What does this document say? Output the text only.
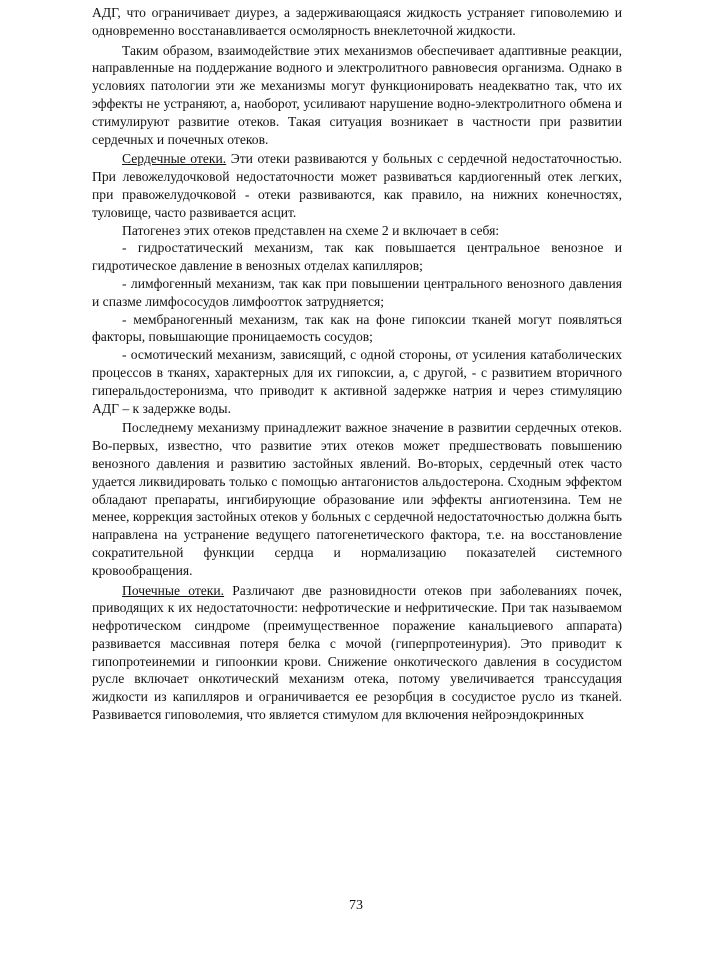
АДГ, что ограничивает диурез, а задерживающаяся жидкость устраняет гиповолемию и одновременно восстанавливается осмолярность внеклеточной жидкости.

Таким образом, взаимодействие этих механизмов обеспечивает адаптивные реакции, направленные на поддержание водного и электролитного равновесия организма. Однако в условиях патологии эти же механизмы могут функционировать неадекватно так, что их эффекты не устраняют, а, наоборот, усиливают нарушение водно-электролитного обмена и стимулируют развитие отеков. Такая ситуация возникает в частности при развитии сердечных и почечных отеков.

Сердечные отеки. Эти отеки развиваются у больных с сердечной недостаточностью. При левожелудочковой недостаточности может развиваться кардиогенный отек легких, при правожелудочковой - отеки развиваются, как правило, на нижних конечностях, туловище, часто развивается асцит.

Патогенез этих отеков представлен на схеме 2 и включает в себя:

- гидростатический механизм, так как повышается центральное венозное и гидротическое давление в венозных отделах капилляров;

- лимфогенный механизм, так как при повышении центрального венозного давления и спазме лимфососудов лимфоотток затрудняется;

- мембраногенный механизм, так как на фоне гипоксии тканей могут появляться факторы, повышающие проницаемость сосудов;

- осмотический механизм, зависящий, с одной стороны, от усиления катаболических процессов в тканях, характерных для их гипоксии, а, с другой, - с развитием вторичного гиперальдостеронизма, что приводит к активной задержке натрия и через стимуляцию АДГ – к задержке воды.

Последнему механизму принадлежит важное значение в развитии сердечных отеков. Во-первых, известно, что развитие этих отеков может предшествовать повышению венозного давления и развитию застойных явлений. Во-вторых, сердечный отек часто удается ликвидировать только с помощью антагонистов альдостерона. Сходным эффектом обладают препараты, ингибирующие образование или эффекты ангиотензина. Тем не менее, коррекция застойных отеков у больных с сердечной недостаточностью должна быть направлена на устранение ведущего патогенетического фактора, т.е. на восстановление сократительной функции сердца и нормализацию показателей системного кровообращения.

Почечные отеки. Различают две разновидности отеков при заболеваниях почек, приводящих к их недостаточности: нефротические и нефритические. При так называемом нефротическом синдроме (преимущественное поражение канальциевого аппарата) развивается массивная потеря белка с мочой (гиперпротеинурия). Это приводит к гипопротеинемии и гипоонкии крови. Снижение онкотического давления в сосудистом русле включает онкотический механизм отека, потому увеличивается транссудация жидкости из капилляров и ограничивается ее резорбция в сосудистое русло из тканей. Развивается гиповолемия, что является стимулом для включения нейроэндокринных

73
